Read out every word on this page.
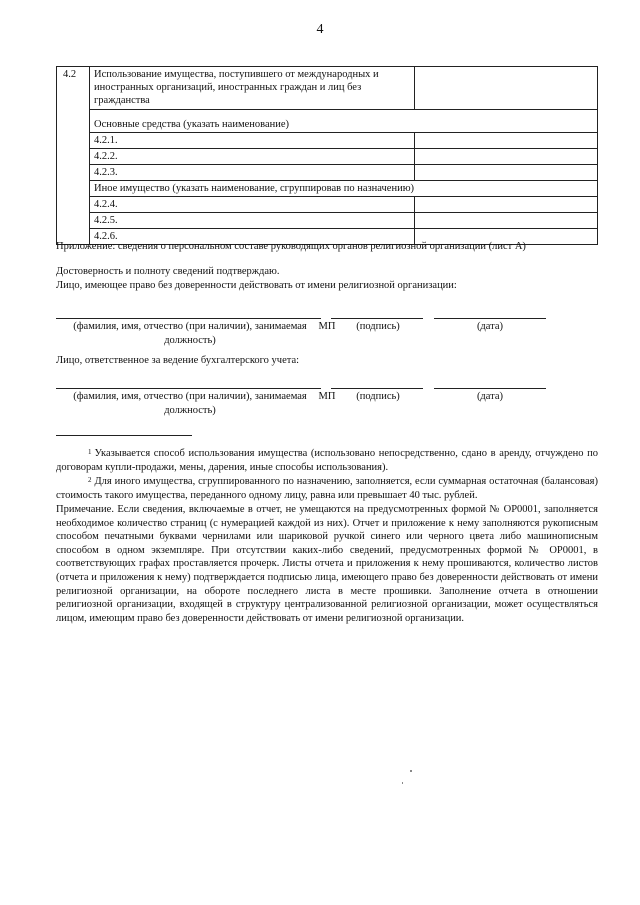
4
4.2	Использование имущества, поступившего от международных и иностранных организаций, иностранных граждан и лиц без гражданства	
	Основные средства (указать наименование)	
	4.2.1.	
	4.2.2.	
	4.2.3.	
	Иное имущество (указать наименование, сгруппировав по назначению)	
	4.2.4.	
	4.2.5.	
	4.2.6.	
Приложение: сведения о персональном составе руководящих органов религиозной организации (лист А)
Достоверность и полноту сведений подтверждаю.
Лицо, имеющее право без доверенности действовать от имени религиозной организации:
(фамилия, имя, отчество (при наличии), занимаемая
должность)
МП	(подпись)	(дата)
Лицо, ответственное за ведение бухгалтерского учета:
(фамилия, имя, отчество (при наличии), занимаемая
должность)
МП	(подпись)	(дата)
$^1$ Указывается способ использования имущества (использовано непосредственно, сдано в аренду, отчуждено по договорам купли-продажи, мены, дарения, иные способы использования).
$^2$ Для иного имущества, сгруппированного по назначению, заполняется, если суммарная остаточная (балансовая) стоимость такого имущества, переданного одному лицу, равна или превышает 40 тыс. рублей.
Примечание. Если сведения, включаемые в отчет, не умещаются на предусмотренных формой № ОР0001, заполняется необходимое количество страниц (с нумерацией каждой из них). Отчет и приложение к нему заполняются рукописным способом печатными буквами чернилами или шариковой ручкой синего или черного цвета либо машинописным способом в одном экземпляре. При отсутствии каких-либо сведений, предусмотренных формой № ОР0001, в соответствующих графах проставляется прочерк. Листы отчета и приложения к нему прошиваются, количество листов (отчета и приложения к нему) подтверждается подписью лица, имеющего право без доверенности действовать от имени религиозной организации, на обороте последнего листа в месте прошивки. Заполнение отчета в отношении религиозной организации, входящей в структуру централизованной религиозной организации, может осуществляться лицом, имеющим право без доверенности действовать от имени религиозной организации.
